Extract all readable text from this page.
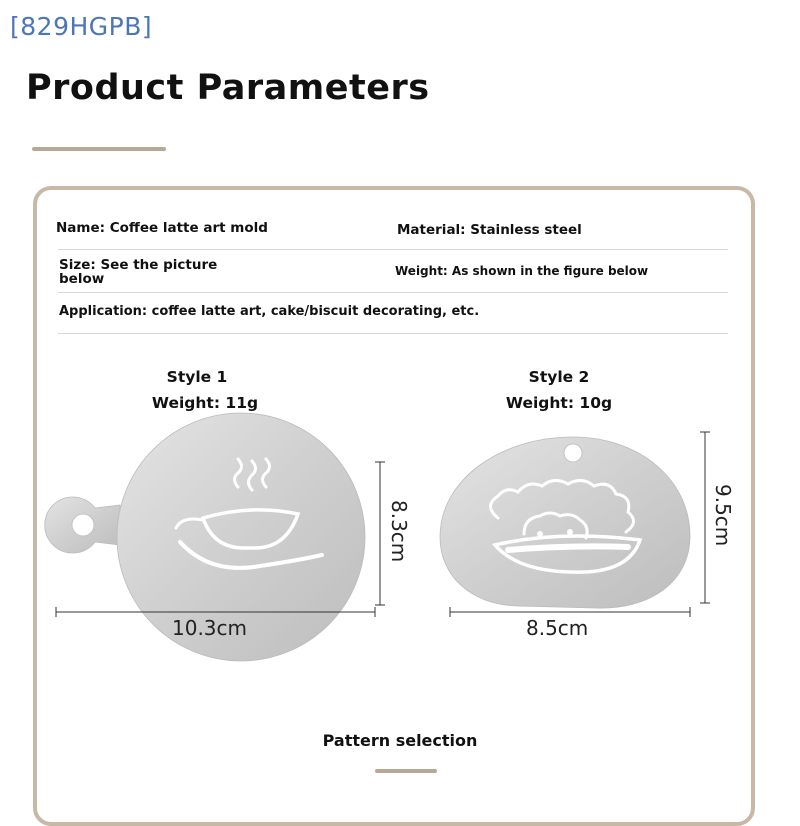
[829HGPB]
Product Parameters
Name: Coffee latte art mold	Material: Stainless steel
Size: See the picture
below	Weight: As shown in the figure below
Application: coffee latte art, cake/biscuit decorating, etc.
Style 1
Weight: 11g
Style 2
Weight: 10g
10.3cm
8.3cm
8.5cm
9.5cm
Pattern selection
